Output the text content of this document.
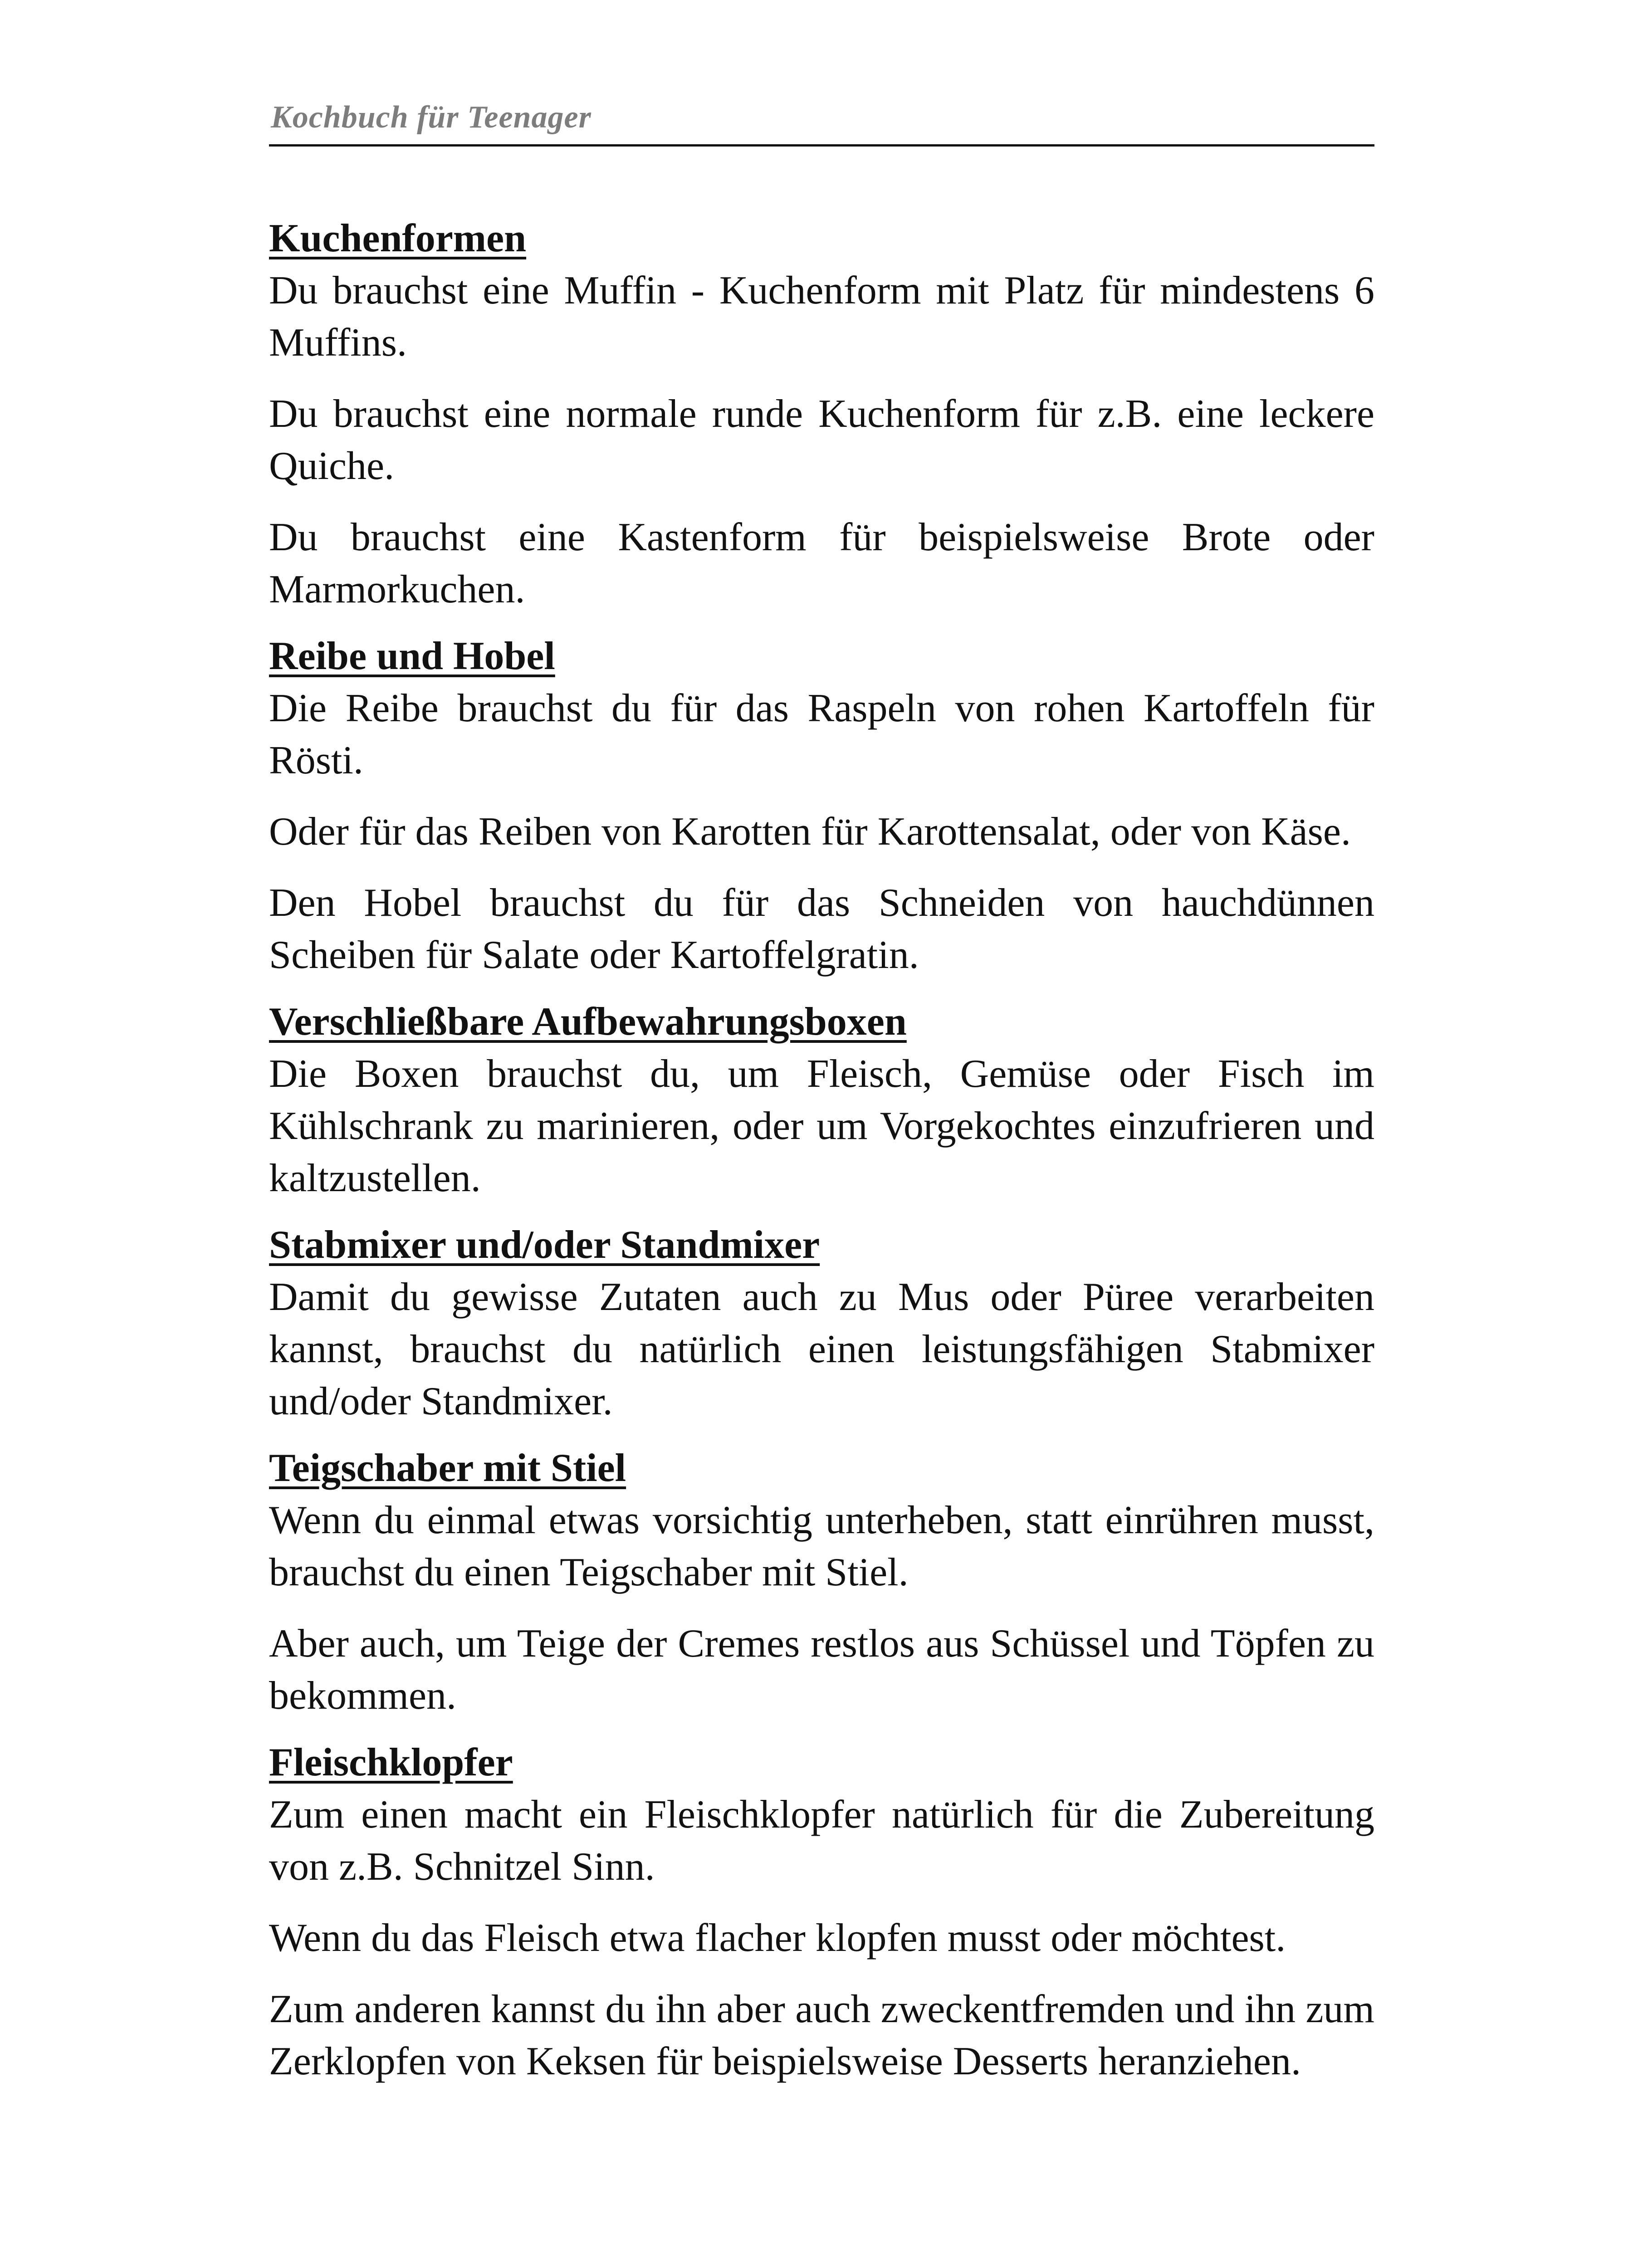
Kochbuch für Teenager
Kuchenformen

Du brauchst eine Muffin - Kuchenform mit Platz für mindestens 6 Muffins.

Du brauchst eine normale runde Kuchenform für z.B. eine leckere Quiche.

Du brauchst eine Kastenform für beispielsweise Brote oder Marmorkuchen.

Reibe und Hobel

Die Reibe brauchst du für das Raspeln von rohen Kartoffeln für Rösti.

Oder für das Reiben von Karotten für Karottensalat, oder von Käse.

Den Hobel brauchst du für das Schneiden von hauchdünnen Scheiben für Salate oder Kartoffelgratin.

Verschließbare Aufbewahrungsboxen

Die Boxen brauchst du, um Fleisch, Gemüse oder Fisch im Kühlschrank zu marinieren, oder um Vorgekochtes einzufrieren und kaltzustellen.

Stabmixer und/oder Standmixer

Damit du gewisse Zutaten auch zu Mus oder Püree verarbeiten kannst, brauchst du natürlich einen leistungsfähigen Stabmixer und/oder Standmixer.

Teigschaber mit Stiel

Wenn du einmal etwas vorsichtig unterheben, statt einrühren musst, brauchst du einen Teigschaber mit Stiel.

Aber auch, um Teige der Cremes restlos aus Schüssel und Töpfen zu bekommen.

Fleischklopfer

Zum einen macht ein Fleischklopfer natürlich für die Zubereitung von z.B. Schnitzel Sinn.

Wenn du das Fleisch etwa flacher klopfen musst oder möchtest.

Zum anderen kannst du ihn aber auch zweckentfremden und ihn zum Zerklopfen von Keksen für beispielsweise Desserts heranziehen.
